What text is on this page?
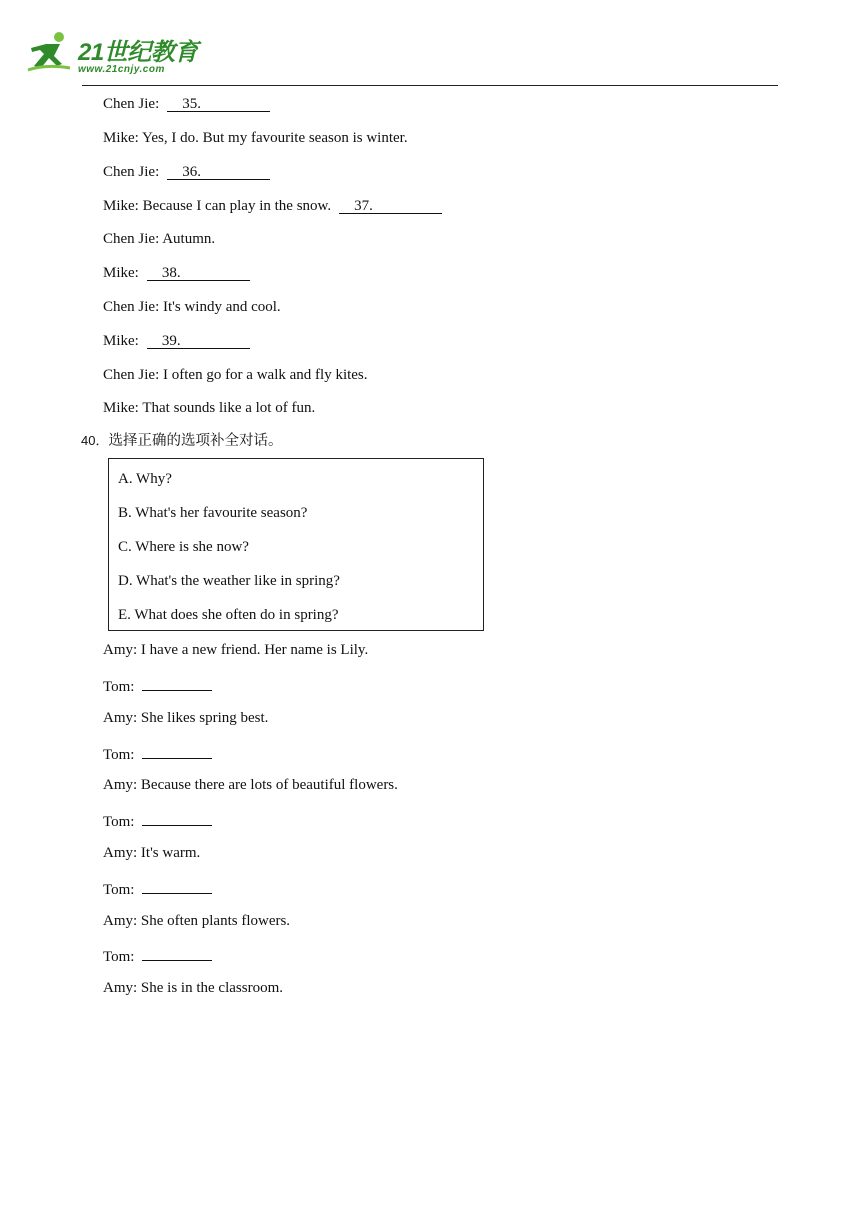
21世纪教育
www.21cnjy.com
Chen Jie: 35.
Mike: Yes, I do. But my favourite season is winter.
Chen Jie: 36.
Mike: Because I can play in the snow. 37.
Chen Jie: Autumn.
Mike: 38.
Chen Jie: It's windy and cool.
Mike: 39.
Chen Jie: I often go for a walk and fly kites.
Mike: That sounds like a lot of fun.
40．选择正确的选项补全对话。
A. Why?
B. What's her favourite season?
C. Where is she now?
D. What's the weather like in spring?
E. What does she often do in spring?
Amy: I have a new friend. Her name is Lily.
Tom:
Amy: She likes spring best.
Tom:
Amy: Because there are lots of beautiful flowers.
Tom:
Amy: It's warm.
Tom:
Amy: She often plants flowers.
Tom:
Amy: She is in the classroom.
